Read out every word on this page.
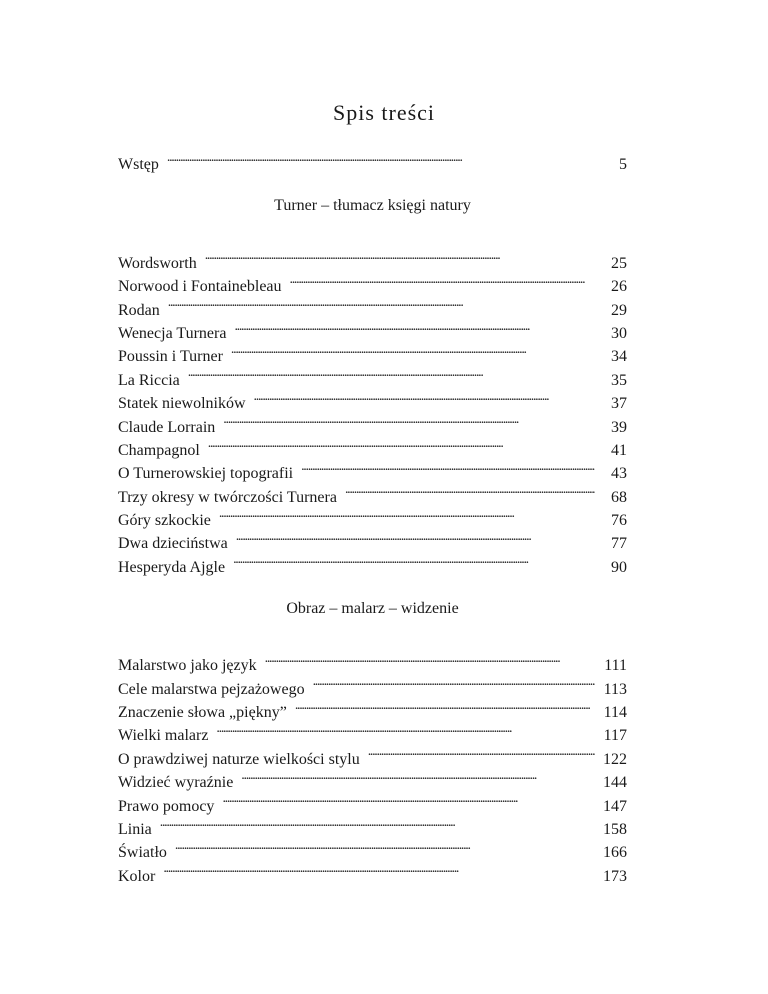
Spis treści
Wstęp . . .	5
Turner – tłumacz księgi natury
Wordsworth . . .	25
Norwood i Fontainebleau . . .	26
Rodan . . .	29
Wenecja Turnera . . .	30
Poussin i Turner . . .	34
La Riccia . . .	35
Statek niewolników . . .	37
Claude Lorrain . . .	39
Champagnol . . .	41
O Turnerowskiej topografii . . .	43
Trzy okresy w twórczości Turnera . . .	68
Góry szkockie . . .	76
Dwa dzieciństwa . . .	77
Hesperyda Ajgle . . .	90
Obraz – malarz – widzenie
Malarstwo jako język . . .	111
Cele malarstwa pejzażowego . . .	113
Znaczenie słowa „piękny” . . .	114
Wielki malarz . . .	117
O prawdziwej naturze wielkości stylu . . .	122
Widzieć wyraźnie . . .	144
Prawo pomocy . . .	147
Linia . . .	158
Światło . . .	166
Kolor . . .	173
